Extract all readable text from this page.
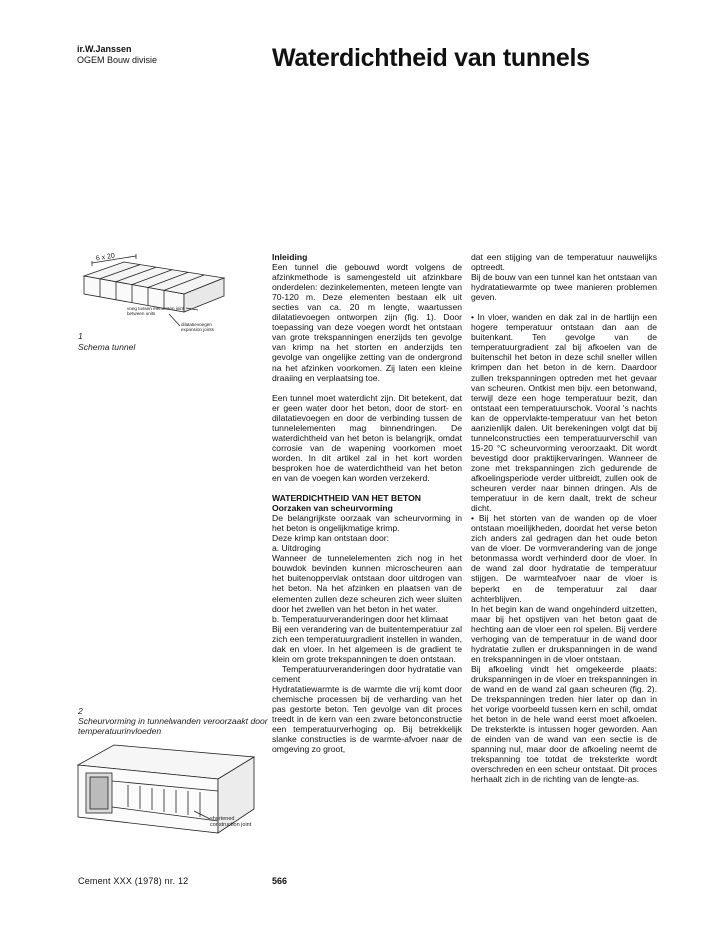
ir.W.Janssen
OGEM Bouw divisie	Waterdichtheid van tunnels
voeg tussen elementen joint between units
dilatatievoegen expansion joints
6 x 20
1
Schema tunnel
2
Scheurvorming in tunnelwanden veroorzaakt door temperatuurinvloeden
shortened construction joint

Inleiding

Een tunnel die gebouwd wordt volgens de afzinkmethode is samengesteld uit afzinkbare onderdelen: dezinkelementen, meteen lengte van 70-120 m. Deze elementen bestaan elk uit secties van ca. 20 m lengte, waartussen dilatatievoegen ontworpen zijn (fig. 1). Door toepassing van deze voegen wordt het ontstaan van grote trekspanningen enerzijds ten gevolge van krimp na het storten en anderzijds ten gevolge van ongelijke zetting van de ondergrond na het afzinken voorkomen. Zij laten een kleine draaiing en verplaatsing toe.

Een tunnel moet waterdicht zijn. Dit betekent, dat er geen water door het beton, door de stort- en dilatatievoegen en door de verbinding tussen de tunnelelementen mag binnendringen. De waterdichtheid van het beton is belangrijk, omdat corrosie van de wapening voorkomen moet worden. In dit artikel zal in het kort worden besproken hoe de waterdichtheid van het beton en van de voegen kan worden verzekerd.

WATERDICHTHEID VAN HET BETON

Oorzaken van scheurvorming

De belangrijkste oorzaak van scheurvorming in het beton is ongelijkmatige krimp.

Deze krimp kan ontstaan door:

a. Uitdroging

Wanneer de tunnelelementen zich nog in het bouwdok bevinden kunnen microscheuren aan het buitenoppervlak ontstaan door uitdrogen van het beton. Na het afzinken en plaatsen van de elementen zullen deze scheuren zich weer sluiten door het zwellen van het beton in het water.

b. Temperatuurveranderingen door het klimaat

Bij een verandering van de buitentemperatuur zal zich een temperatuurgradient instellen in wanden, dak en vloer. In het algemeen is de gradient te klein om grote trekspanningen te doen ontstaan.

Temperatuurveranderingen door hydratatie van cement

Hydratatiewarmte is de warmte die vrij komt door chemische processen bij de verharding van het pas gestorte beton. Ten gevolge van dit proces treedt in de kern van een zware betonconstructie een temperatuurverhoging op. Bij betrekkelijk slanke constructies is de warmte-afvoer naar de omgeving zo groot,

dat een stijging van de temperatuur nauwelijks optreedt.

Bij de bouw van een tunnel kan het ontstaan van hydratatiewarmte op twee manieren problemen geven.

• In vloer, wanden en dak zal in de hartlijn een hogere temperatuur ontstaan dan aan de buitenkant. Ten gevolge van de temperatuurgradient zal bij afkoelen van de buitenschil het beton in deze schil sneller willen krimpen dan het beton in de kern. Daardoor zullen trekspanningen optreden met het gevaar van scheuren. Ontkist men bijv. een betonwand, terwijl deze een hoge temperatuur bezit, dan ontstaat een temperatuurschok. Vooral 's nachts kan de oppervlakte-temperatuur van het beton aanzienlijk dalen. Uit berekeningen volgt dat bij tunnelconstructies een temperatuurverschil van 15-20 °C scheurvorming veroorzaakt. Dit wordt bevestigd door praktijkervaringen. Wanneer de zone met trekspanningen zich gedurende de afkoelingsperiode verder uitbreidt, zullen ook de scheuren verder naar binnen dringen. Als de temperatuur in de kern daalt, trekt de scheur dicht.

• Bij het storten van de wanden op de vloer ontstaan moeilijkheden, doordat het verse beton zich anders zal gedragen dan het oude beton van de vloer. De vormverandering van de jonge betonmassa wordt verhinderd door de vloer. In de wand zal door hydratatie de temperatuur stijgen. De warmteafvoer naar de vloer is beperkt en de temperatuur zal daar achterblijven.

In het begin kan de wand ongehinderd uitzetten, maar bij het opstijven van het beton gaat de hechting aan de vloer een rol spelen. Bij verdere verhoging van de temperatuur in de wand door hydratatie zullen er drukspanningen in de wand en trekspanningen in de vloer ontstaan.

Bij afkoeling vindt het omgekeerde plaats: drukspanningen in de vloer en trekspanningen in de wand en de wand zal gaan scheuren (fig. 2). De trekspanningen treden hier later op dan in het vorige voorbeeld tussen kern en schil, omdat het beton in de hele wand eerst moet afkoelen. De treksterkte is intussen hoger geworden. Aan de einden van de wand van een sectie is de spanning nul, maar door de afkoeling neemt de trekspanning toe totdat de treksterkte wordt overschreden en een scheur ontstaat. Dit proces herhaalt zich in de richting van de lengte-as.

Cement XXX (1978) nr. 12	566
